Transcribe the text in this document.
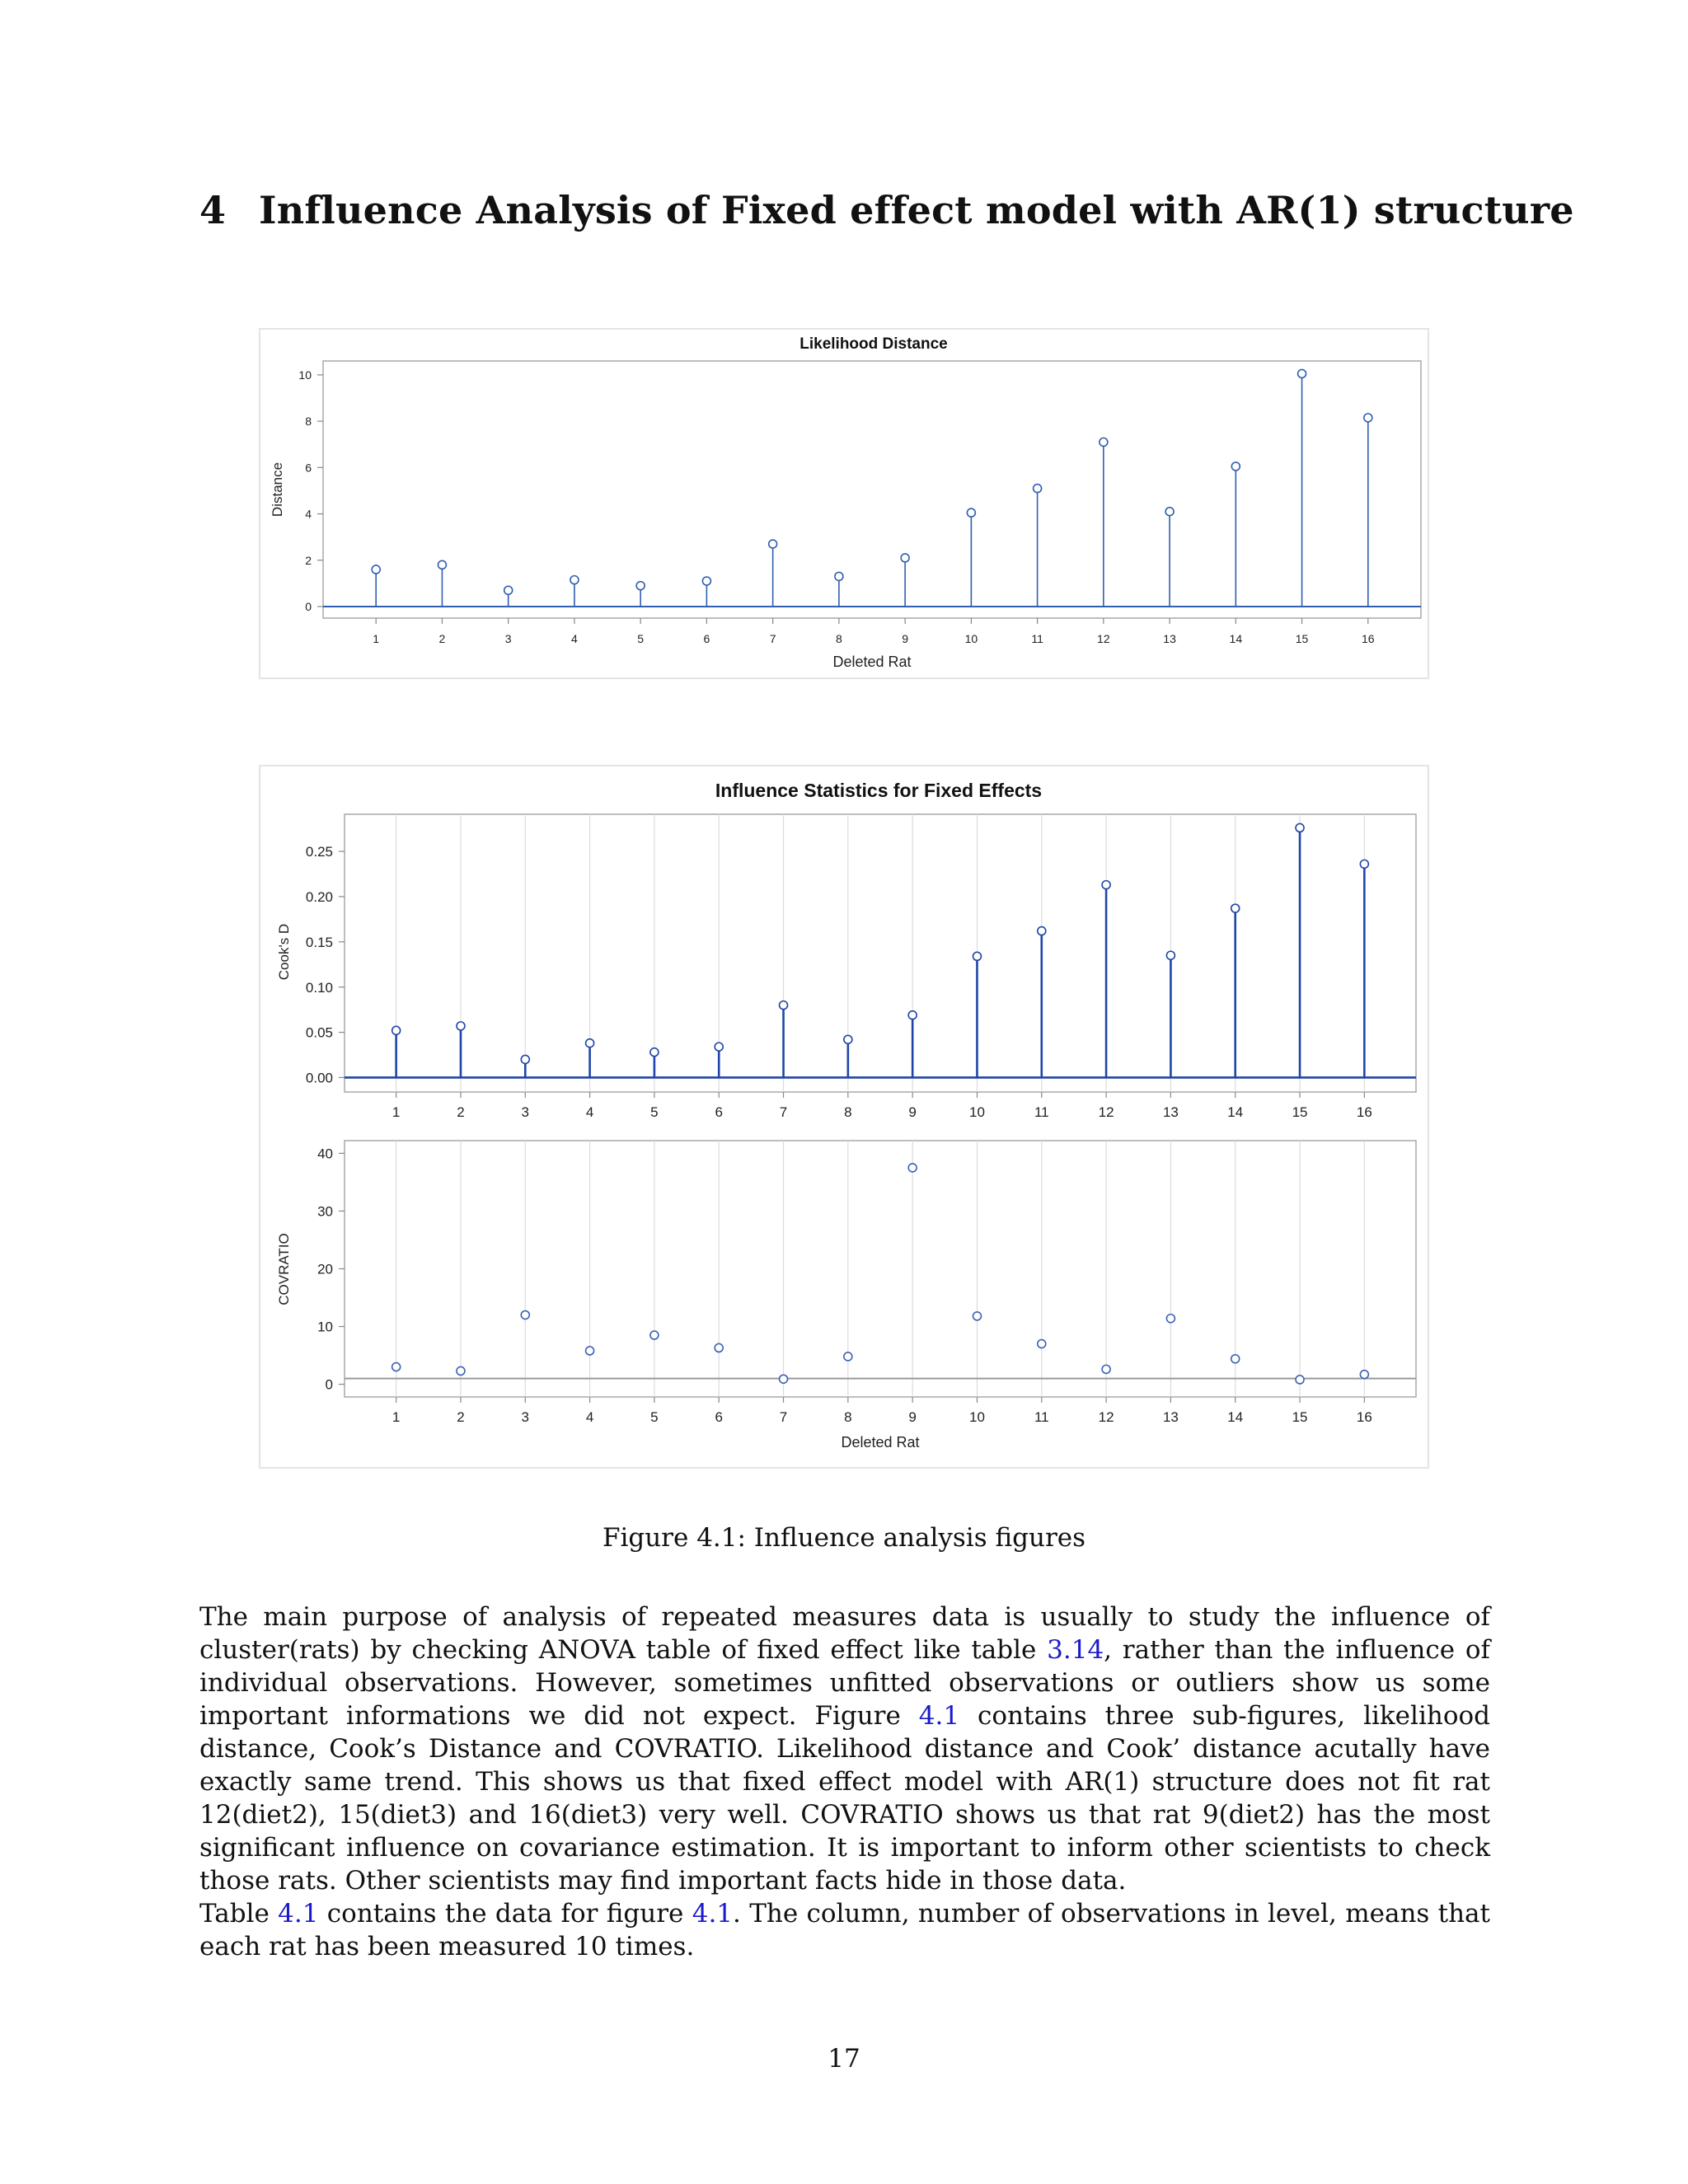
4 Influence Analysis of Fixed effect model with AR(1) structure
Likelihood Distance
Distance
Deleted Rat
0
2
4
6
8
10
1	2	3	4	5	6	7	8	9	10	11	12	13	14	15	16
Influence Statistics for Fixed Effects
Cook's D
0.00
0.05
0.10
0.15
0.20
0.25
1	2	3	4	5	6	7	8	9	10	11	12	13	14	15	16
COVRATIO
Deleted Rat
0
10
20
30
40
1	2	3	4	5	6	7	8	9	10	11	12	13	14	15	16

Figure 4.1: Influence analysis figures

The main purpose of analysis of repeated measures data is usually to study the influence of cluster(rats) by checking ANOVA table of fixed effect like table 3.14, rather than the influence of individual observations. However, sometimes unfitted observations or outliers show us some important informations we did not expect. Figure 4.1 contains three sub-figures, likelihood distance, Cook’s Distance and COVRATIO. Likelihood distance and Cook’ distance acutally have exactly same trend. This shows us that fixed effect model with AR(1) structure does not fit rat 12(diet2), 15(diet3) and 16(diet3) very well. COVRATIO shows us that rat 9(diet2) has the most significant influence on covariance estimation. It is important to inform other scientists to check those rats. Other scientists may find important facts hide in those data.

Table 4.1 contains the data for figure 4.1. The column, number of observations in level, means that each rat has been measured 10 times.

17
